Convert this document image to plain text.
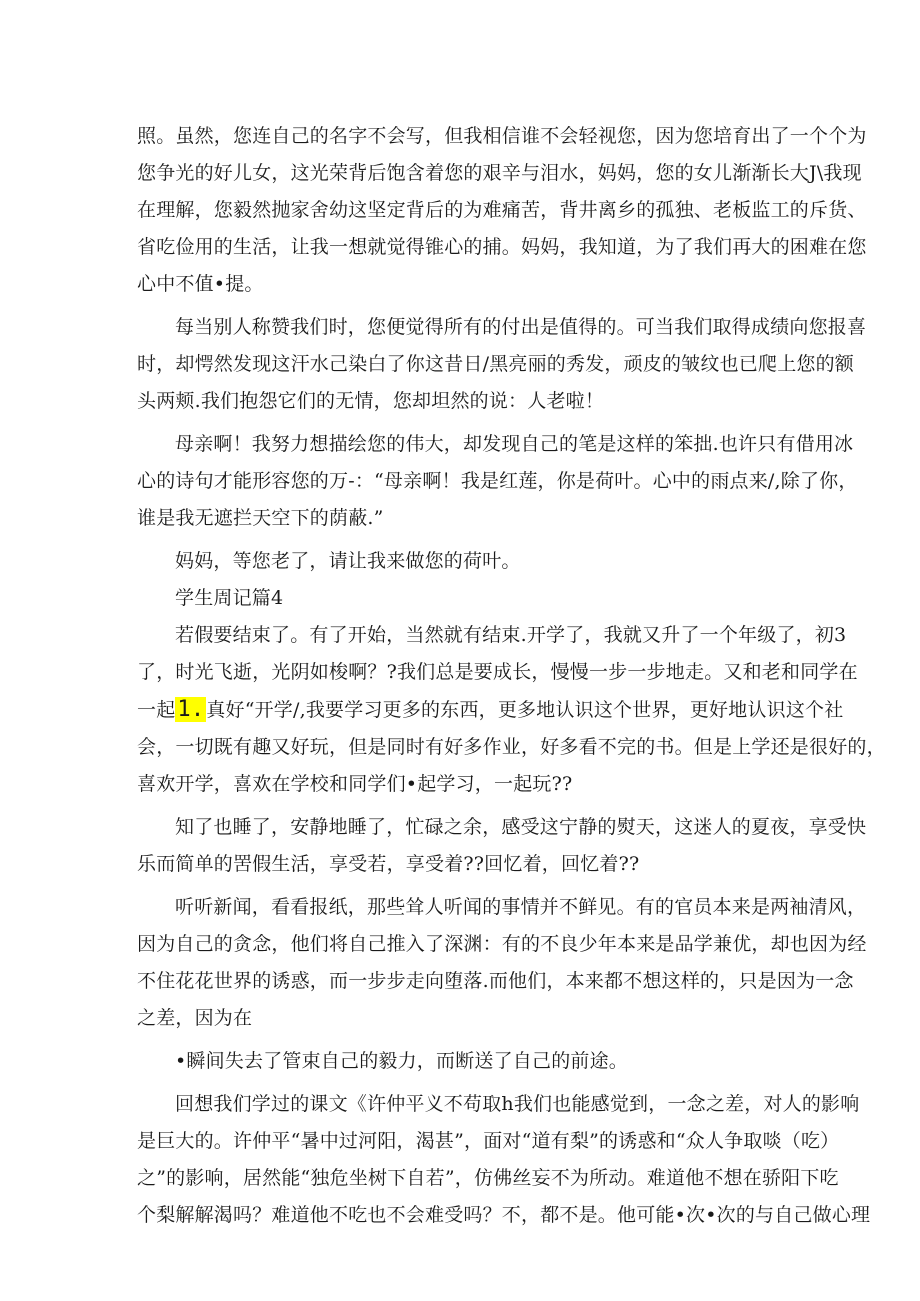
照。虽然，您连自己的名字不会写，但我相信谁不会轻视您，因为您培育出了一个个为
您争光的好儿女，这光荣背后饱含着您的艰辛与泪水，妈妈，您的女儿渐渐长大J\我现
在理解，您毅然抛家舍幼这坚定背后的为难痛苦，背井离乡的孤独、老板监工的斥货、
省吃俭用的生活，让我一想就觉得锥心的捕。妈妈，我知道，为了我们再大的困难在您
心中不值•提。

每当别人称赞我们时，您便觉得所有的付出是值得的。可当我们取得成绩向您报喜
时，却愕然发现这汗水己染白了你这昔日/黑亮丽的秀发，顽皮的皱纹也已爬上您的额
头两颊.我们抱怨它们的无情，您却坦然的说：人老啦！

母亲啊！我努力想描绘您的伟大，却发现自己的笔是这样的笨拙.也许只有借用冰
心的诗句才能形容您的万-：“母亲啊！我是红莲，你是荷叶。心中的雨点来/,除了你，
谁是我无遮拦天空下的荫蔽.”

妈妈，等您老了，请让我来做您的荷叶。

学生周记篇4

若假要结束了。有了开始，当然就有结束.开学了，我就又升了一个年级了，初3
了，时光飞逝，光阴如梭啊？?我们总是要成长，慢慢一步一步地走。又和老和同学在
一起1. 真好“开学/,我要学习更多的东西，更多地认识这个世界，更好地认识这个社
会，一切既有趣又好玩，但是同时有好多作业，好多看不完的书。但是上学还是很好的，
喜欢开学，喜欢在学校和同学们•起学习，一起玩??

知了也睡了，安静地睡了，忙碌之余，感受这宁静的熨天，这迷人的夏夜，享受快
乐而简单的罟假生活，享受若，享受着??回忆着，回忆着??

听听新闻，看看报纸，那些耸人听闻的事情并不鲜见。有的官员本来是两袖清风，
因为自己的贪念，他们将自己推入了深渊：有的不良少年本来是品学兼优，却也因为经
不住花花世界的诱惑，而一步步走向堕落.而他们，本来都不想这样的，只是因为一念
之差，因为在

•瞬间失去了管束自己的毅力，而断送了自己的前途。

回想我们学过的课文《许仲平义不苟取h我们也能感觉到，一念之差，对人的影响
是巨大的。许仲平“暑中过河阳，渴甚”，面对“道有梨”的诱惑和“众人争取啖（吃）
之”的影响，居然能“独危坐树下自若”，仿佛丝妄不为所动。难道他不想在骄阳下吃
个梨解解渴吗？难道他不吃也不会难受吗？不，都不是。他可能•次•次的与自己做心理
